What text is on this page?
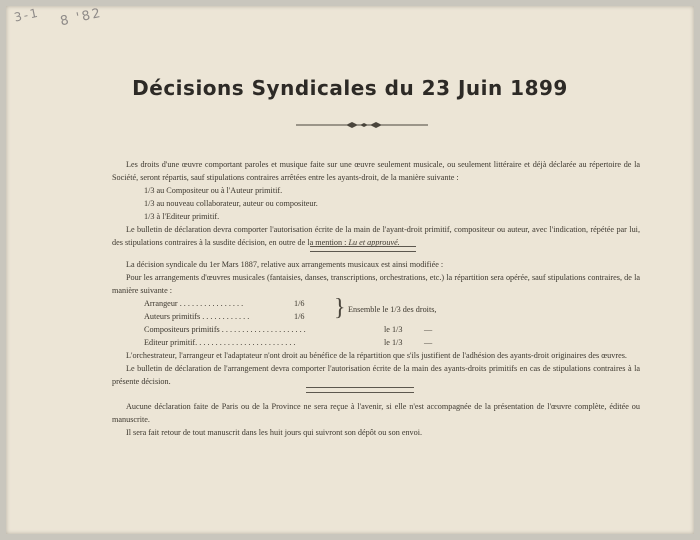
3-1 8 '82
Décisions Syndicales du 23 Juin 1899

Les droits d'une œuvre comportant paroles et musique faite sur une œuvre seulement musicale, ou seulement littéraire et déjà déclarée au répertoire de la Société, seront répartis, sauf stipulations contraires arrêtées entre les ayants-droit, de la manière suivante :

1/3 au Compositeur ou à l'Auteur primitif.

1/3 au nouveau collaborateur, auteur ou compositeur.

1/3 à l'Editeur primitif.

Le bulletin de déclaration devra comporter l'autorisation écrite de la main de l'ayant-droit primitif, compositeur ou auteur, avec l'indication, répétée par lui, des stipulations contraires à la susdite décision, en outre de la mention : Lu et approuvé.

La décision syndicale du 1er Mars 1887, relative aux arrangements musicaux est ainsi modifiée :

Pour les arrangements d'œuvres musicales (fantaisies, danses, transcriptions, orchestrations, etc.) la répartition sera opérée, sauf stipulations contraires, de la manière suivante :

Arrangeur . . . . . . . . . . . . . . . .	1/6
Auteurs primitifs . . . . . . . . . . . .	1/6	} Ensemble le 1/3 des droits,
Compositeurs primitifs . . . . . . . . . . . . . . . . . . . . .	le 1/3	—
Editeur primitif. . . . . . . . . . . . . . . . . . . . . . . . .	le 1/3	—

L'orchestrateur, l'arrangeur et l'adaptateur n'ont droit au bénéfice de la répartition que s'ils justifient de l'adhésion des ayants-droit originaires des œuvres.

Le bulletin de déclaration de l'arrangement devra comporter l'autorisation écrite de la main des ayants-droits primitifs en cas de stipulations contraires à la présente décision.

Aucune déclaration faite de Paris ou de la Province ne sera reçue à l'avenir, si elle n'est accompagnée de la présentation de l'œuvre complète, éditée ou manuscrite.

Il sera fait retour de tout manuscrit dans les huit jours qui suivront son dépôt ou son envoi.
